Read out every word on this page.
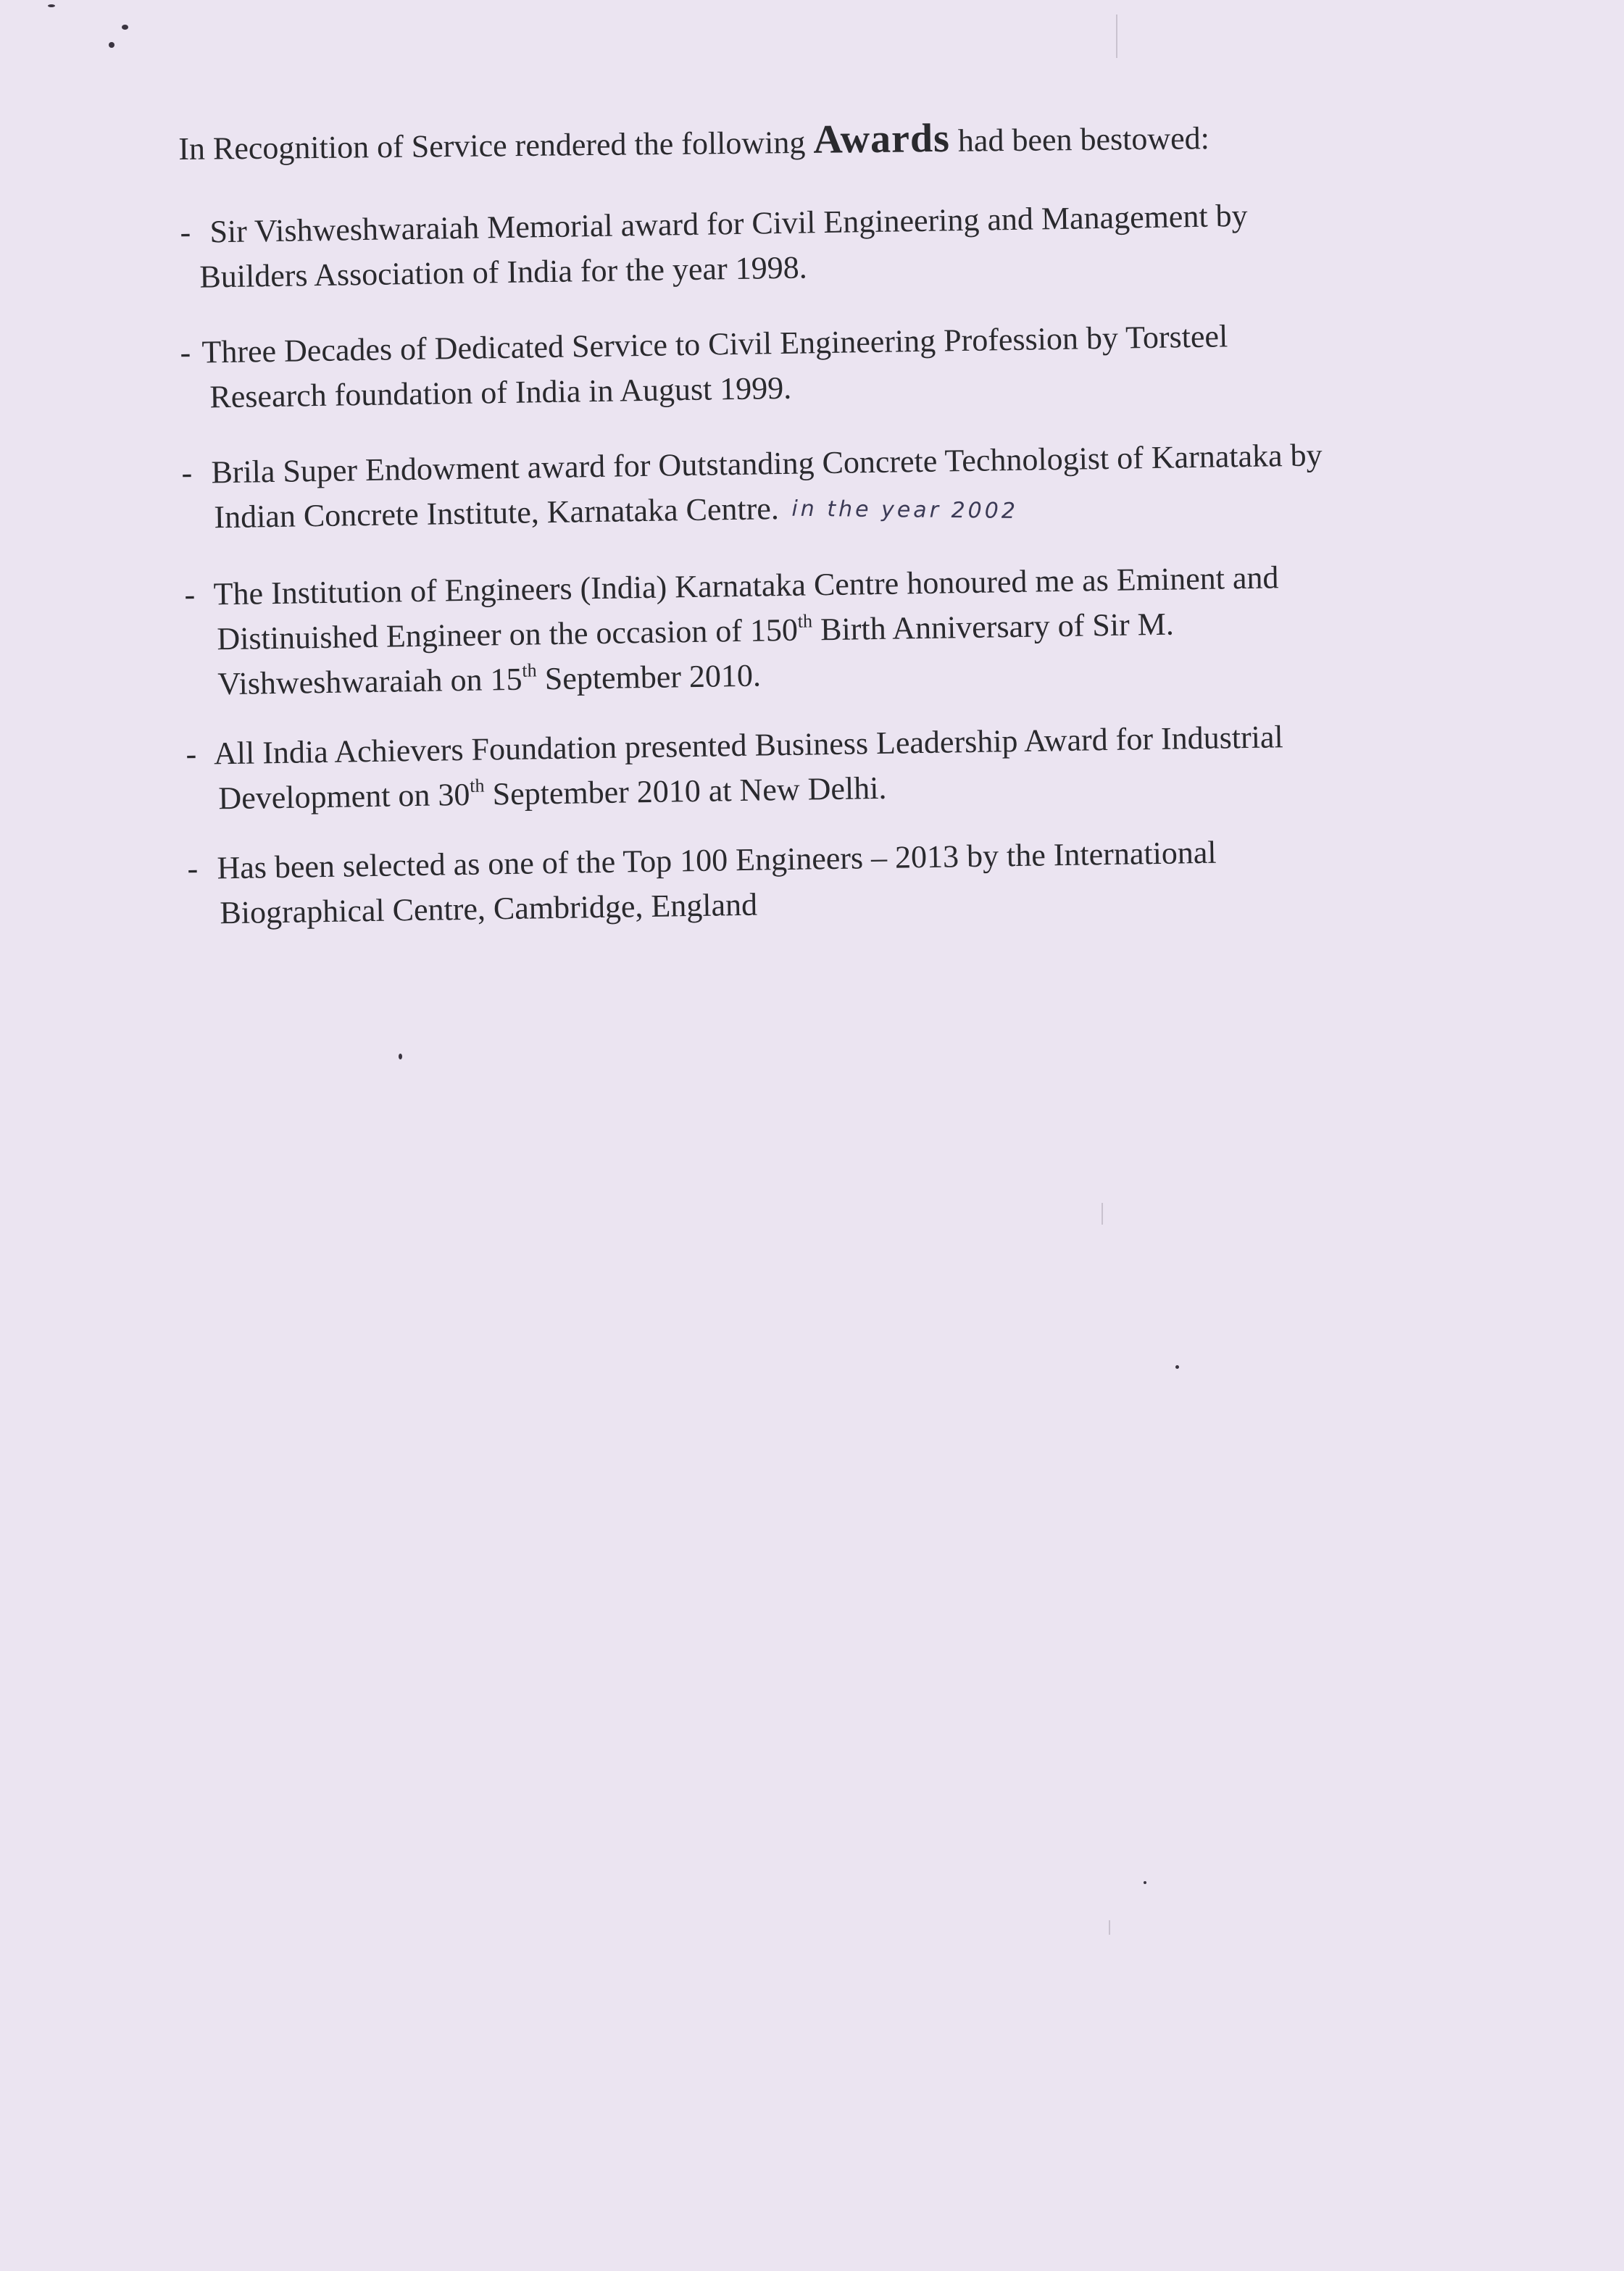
In Recognition of Service rendered the following Awards had been bestowed:
- Sir Vishweshwaraiah Memorial award for Civil Engineering and Management by
Builders Association of India for the year 1998.
- Three Decades of Dedicated Service to Civil Engineering Profession by Torsteel
Research foundation of India in August 1999.
- Brila Super Endowment award for Outstanding Concrete Technologist of Karnataka by
Indian Concrete Institute, Karnataka Centre. in the year 2002
- The Institution of Engineers (India) Karnataka Centre honoured me as Eminent and
Distinuished Engineer on the occasion of 150th Birth Anniversary of Sir M.
Vishweshwaraiah on 15th September 2010.
- All India Achievers Foundation presented Business Leadership Award for Industrial
Development on 30th September 2010 at New Delhi.
- Has been selected as one of the Top 100 Engineers – 2013 by the International
Biographical Centre, Cambridge, England
